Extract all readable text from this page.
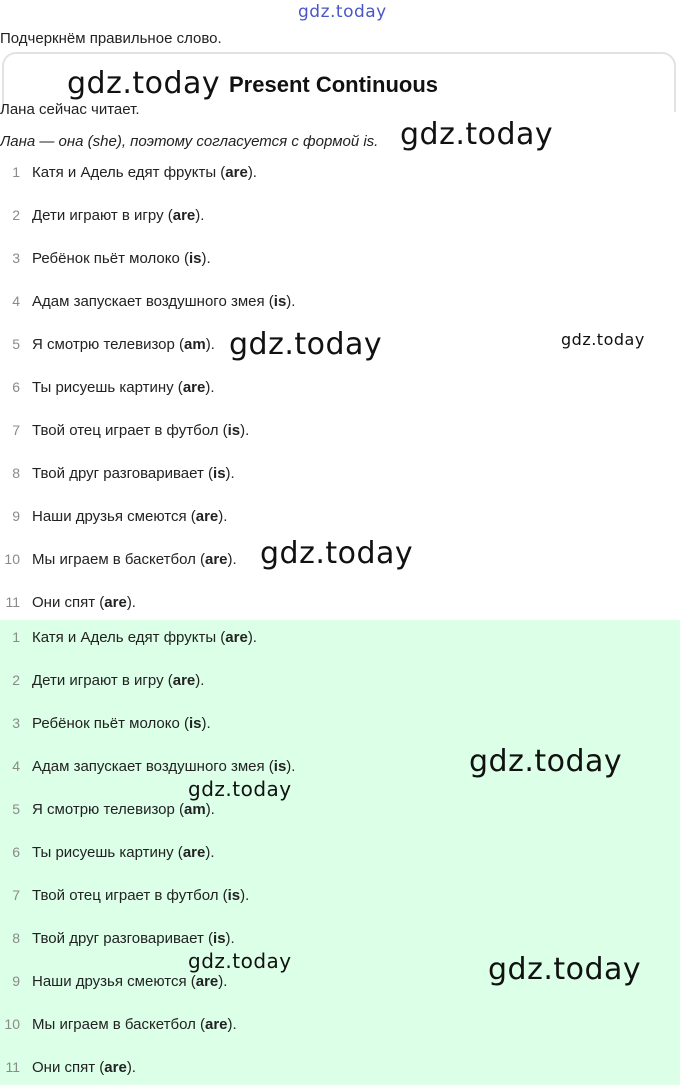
gdz.today
Подчеркнём правильное слово.
Present Continuous
gdz.today
Лана сейчас читает.
Лана — она (she), поэтому согласуется с формой is. gdz.today
1 Катя и Адель едят фрукты (are).
2 Дети играют в игру (are).
3 Ребёнок пьёт молоко (is).
4 Адам запускает воздушного змея (is).
5 Я смотрю телевизор (am).
6 Ты рисуешь картину (are).
7 Твой отец играет в футбол (is).
8 Твой друг разговаривает (is).
9 Наши друзья смеются (are).
10 Мы играем в баскетбол (are).
11 Они спят (are).
1 Катя и Адель едят фрукты (are).
2 Дети играют в игру (are).
3 Ребёнок пьёт молоко (is).
4 Адам запускает воздушного змея (is).
5 Я смотрю телевизор (am).
6 Ты рисуешь картину (are).
7 Твой отец играет в футбол (is).
8 Твой друг разговаривает (is).
9 Наши друзья смеются (are).
10 Мы играем в баскетбол (are).
11 Они спят (are).
gdz.today	gdz.today
gdz.today
gdz.today
gdz.today
gdz.today	gdz.today
